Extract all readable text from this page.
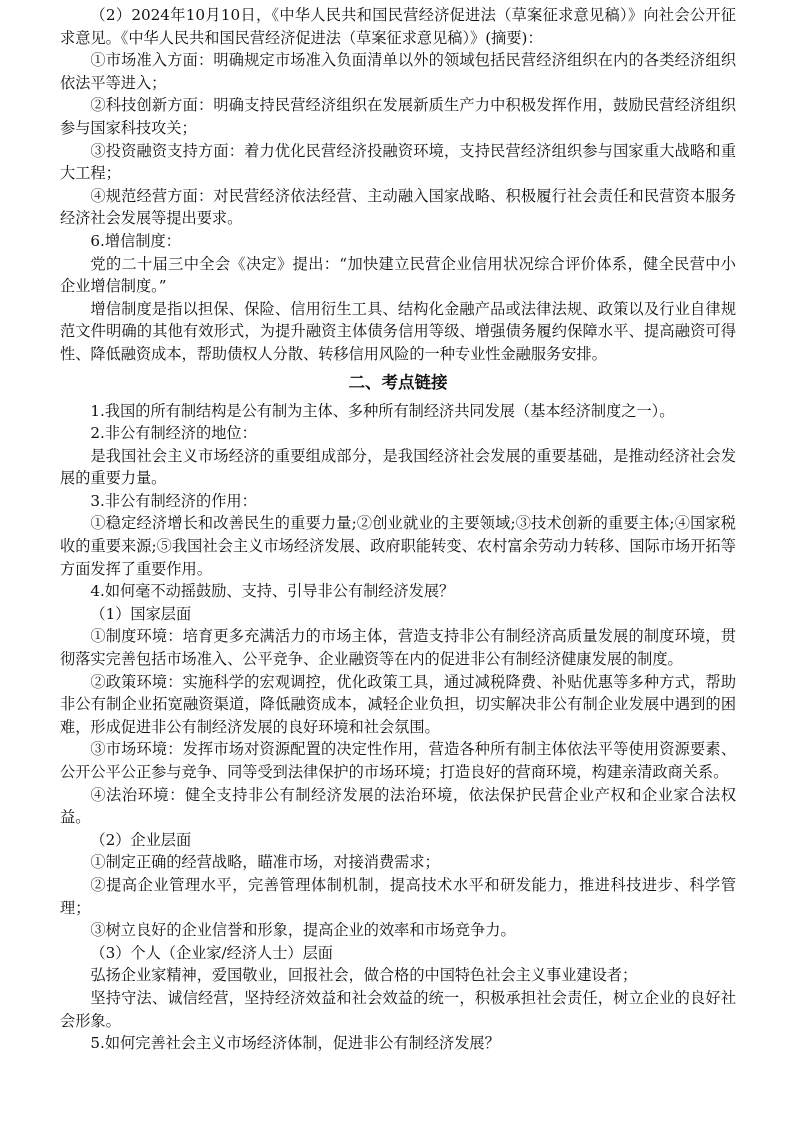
（2）2024年10月10日，《中华人民共和国民营经济促进法（草案征求意见稿）》向社会公开征求意见。《中华人民共和国民营经济促进法（草案征求意见稿）》(摘要)：

①市场准入方面：明确规定市场准入负面清单以外的领域包括民营经济组织在内的各类经济组织依法平等进入；

②科技创新方面：明确支持民营经济组织在发展新质生产力中积极发挥作用，鼓励民营经济组织参与国家科技攻关；

③投资融资支持方面：着力优化民营经济投融资环境，支持民营经济组织参与国家重大战略和重大工程；

④规范经营方面：对民营经济依法经营、主动融入国家战略、积极履行社会责任和民营资本服务经济社会发展等提出要求。

6.增信制度：

党的二十届三中全会《决定》提出：“加快建立民营企业信用状况综合评价体系，健全民营中小企业增信制度。”

增信制度是指以担保、保险、信用衍生工具、结构化金融产品或法律法规、政策以及行业自律规范文件明确的其他有效形式，为提升融资主体债务信用等级、增强债务履约保障水平、提高融资可得性、降低融资成本，帮助债权人分散、转移信用风险的一种专业性金融服务安排。

二、考点链接

1.我国的所有制结构是公有制为主体、多种所有制经济共同发展（基本经济制度之一）。

2.非公有制经济的地位：

是我国社会主义市场经济的重要组成部分，是我国经济社会发展的重要基础，是推动经济社会发展的重要力量。

3.非公有制经济的作用：

①稳定经济增长和改善民生的重要力量;②创业就业的主要领域;③技术创新的重要主体;④国家税收的重要来源;⑤我国社会主义市场经济发展、政府职能转变、农村富余劳动力转移、国际市场开拓等方面发挥了重要作用。

4.如何毫不动摇鼓励、支持、引导非公有制经济发展？

（1）国家层面

①制度环境：培育更多充满活力的市场主体，营造支持非公有制经济高质量发展的制度环境，贯彻落实完善包括市场准入、公平竞争、企业融资等在内的促进非公有制经济健康发展的制度。

②政策环境：实施科学的宏观调控，优化政策工具，通过减税降费、补贴优惠等多种方式，帮助非公有制企业拓宽融资渠道，降低融资成本，减轻企业负担，切实解决非公有制企业发展中遇到的困难，形成促进非公有制经济发展的良好环境和社会氛围。

③市场环境：发挥市场对资源配置的决定性作用，营造各种所有制主体依法平等使用资源要素、公开公平公正参与竞争、同等受到法律保护的市场环境；打造良好的营商环境，构建亲清政商关系。

④法治环境：健全支持非公有制经济发展的法治环境，依法保护民营企业产权和企业家合法权益。

（2）企业层面

①制定正确的经营战略，瞄准市场，对接消费需求；

②提高企业管理水平，完善管理体制机制，提高技术水平和研发能力，推进科技进步、科学管理；

③树立良好的企业信誉和形象，提高企业的效率和市场竞争力。

（3）个人（企业家/经济人士）层面

弘扬企业家精神，爱国敬业，回报社会，做合格的中国特色社会主义事业建设者；

坚持守法、诚信经营，坚持经济效益和社会效益的统一，积极承担社会责任，树立企业的良好社会形象。

5.如何完善社会主义市场经济体制，促进非公有制经济发展？
